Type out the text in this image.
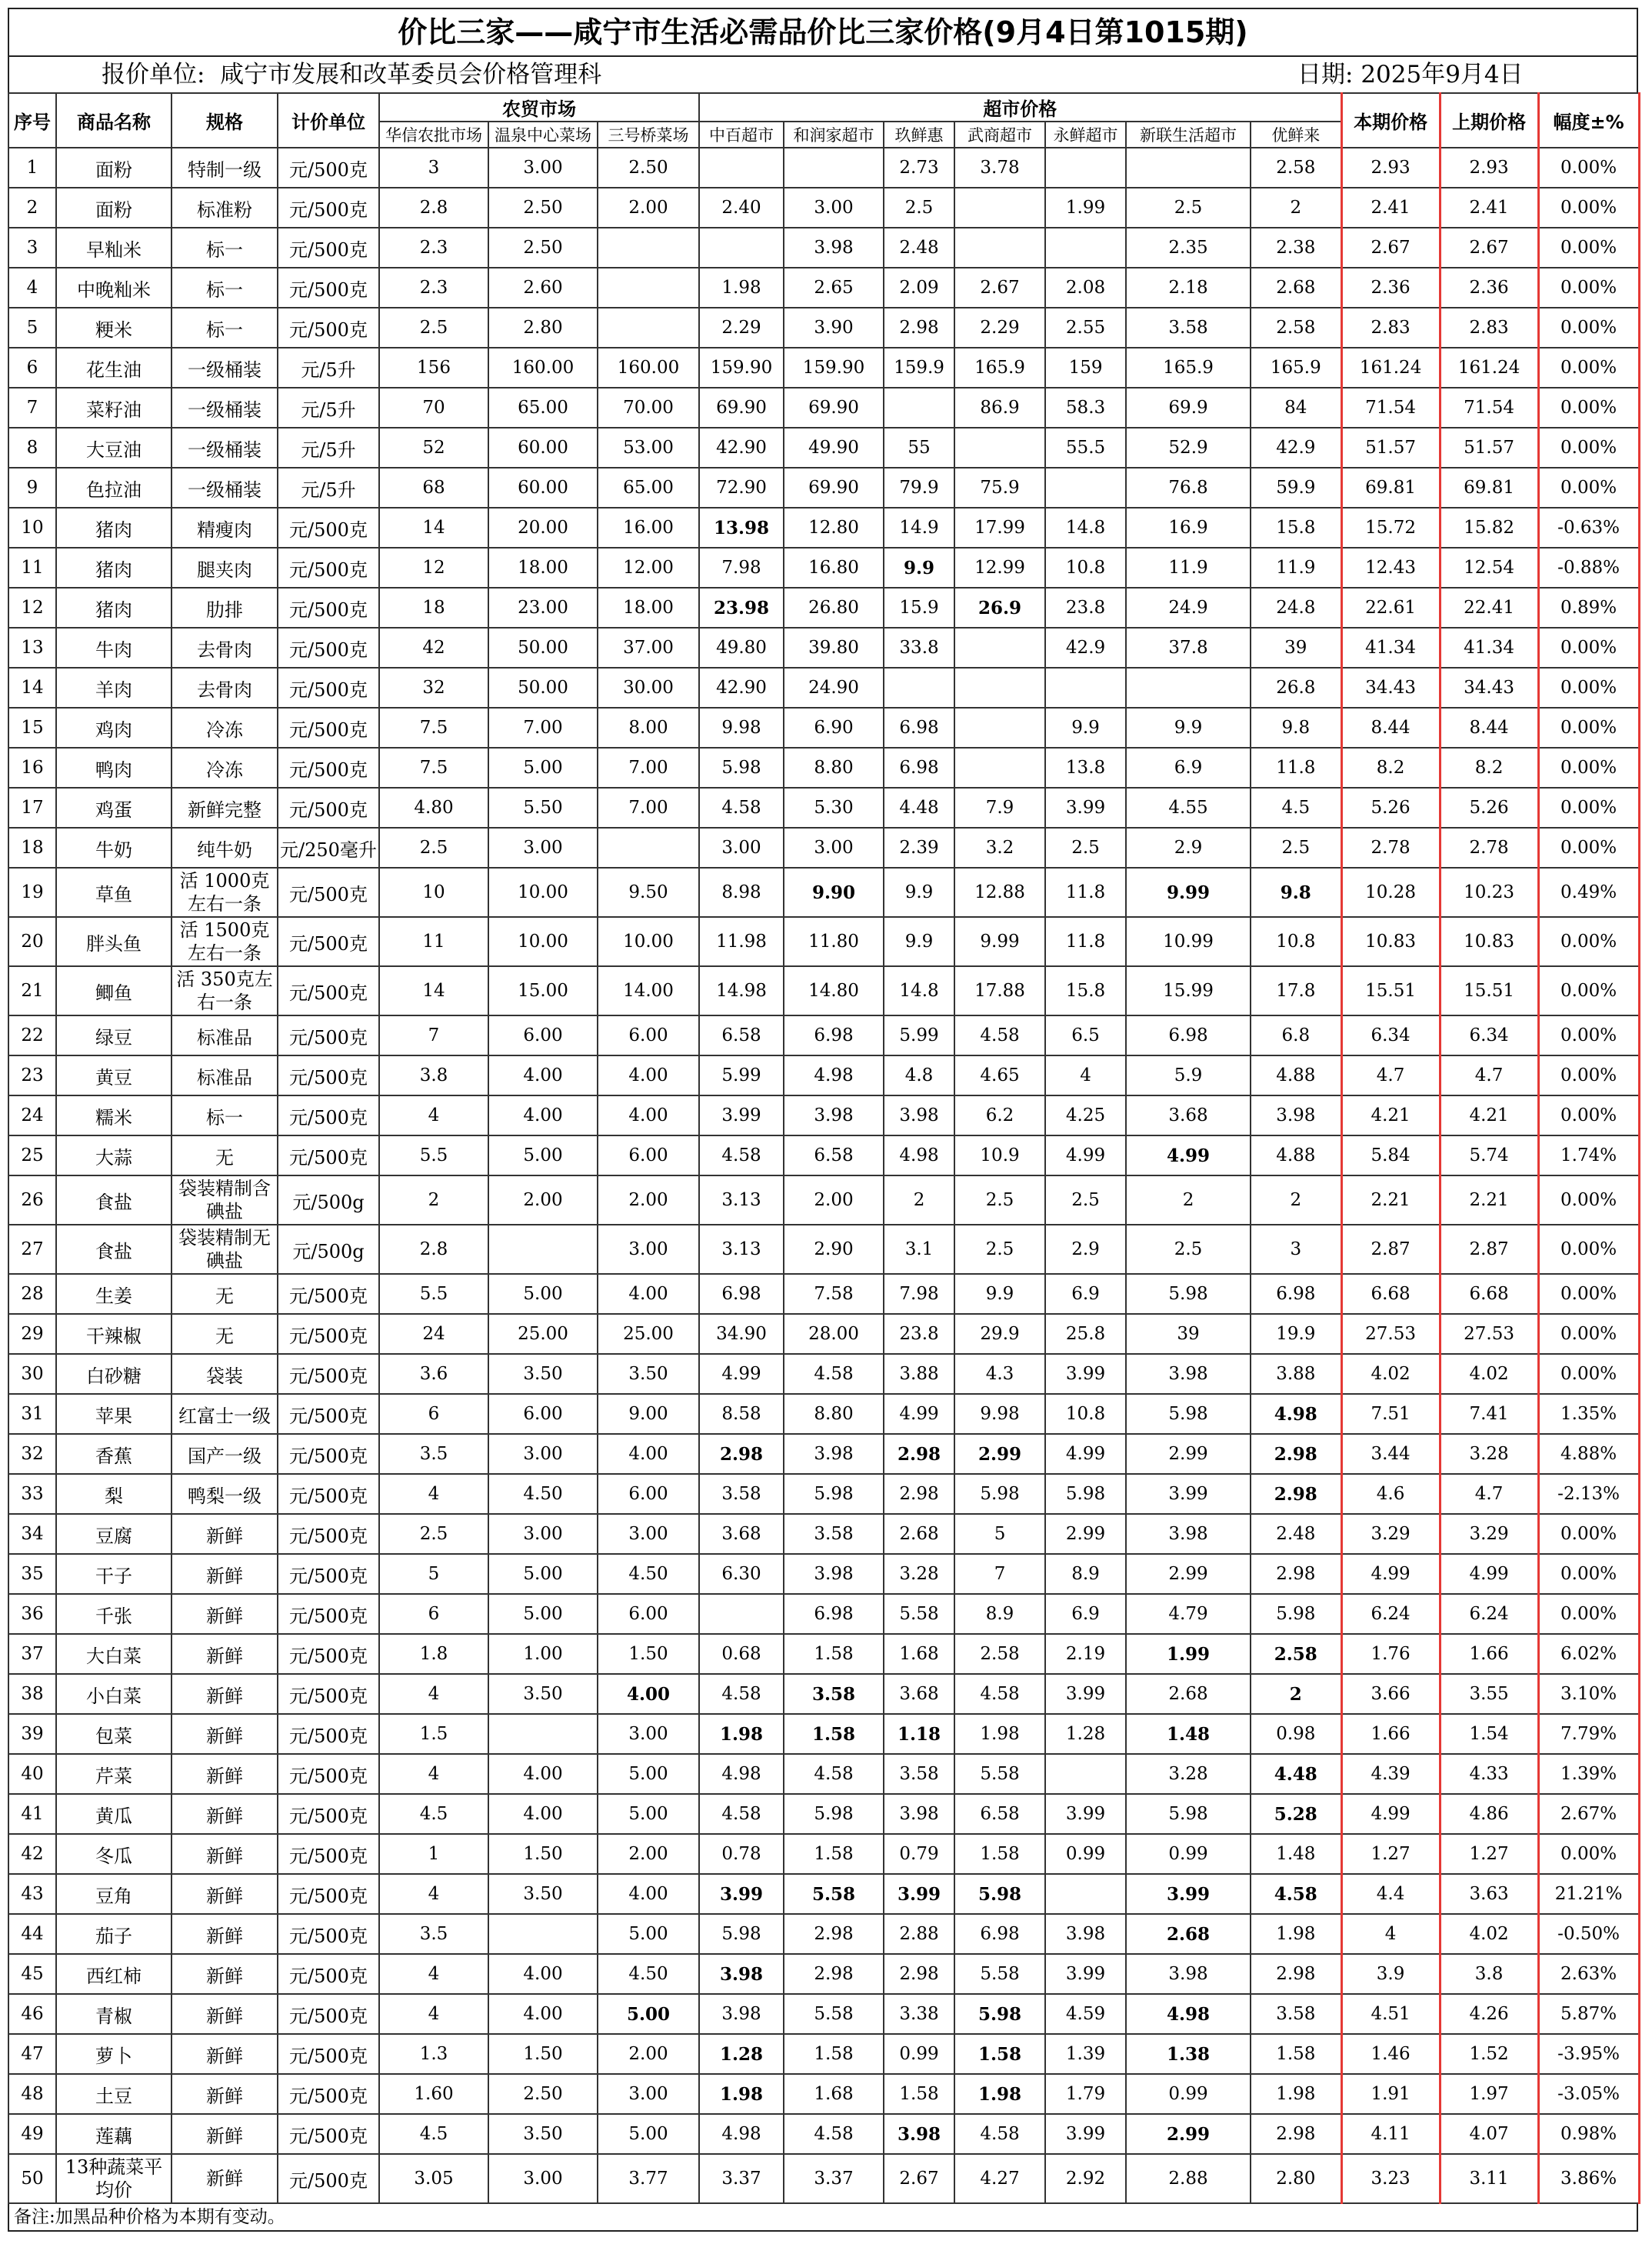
价比三家——咸宁市生活必需品价比三家价格(9月4日第1015期)
报价单位: 咸宁市发展和改革委员会价格管理科	日期: 2025年9月4日
序号	商品名称	规格	计价单位	农贸市场			超市价格							本期价格	上期价格	幅度±%
				华信农批市场	温泉中心菜场	三号桥菜场	中百超市	和润家超市	玖鲜惠	武商超市	永鲜超市	新联生活超市	优鲜来			
1	面粉	特制一级	元/500克	3	3.00	2.50			2.73	3.78			2.58	2.93	2.93	0.00%
2	面粉	标准粉	元/500克	2.8	2.50	2.00	2.40	3.00	2.5		1.99	2.5	2	2.41	2.41	0.00%
3	早籼米	标一	元/500克	2.3	2.50			3.98	2.48			2.35	2.38	2.67	2.67	0.00%
4	中晚籼米	标一	元/500克	2.3	2.60		1.98	2.65	2.09	2.67	2.08	2.18	2.68	2.36	2.36	0.00%
5	粳米	标一	元/500克	2.5	2.80		2.29	3.90	2.98	2.29	2.55	3.58	2.58	2.83	2.83	0.00%
6	花生油	一级桶装	元/5升	156	160.00	160.00	159.90	159.90	159.9	165.9	159	165.9	165.9	161.24	161.24	0.00%
7	菜籽油	一级桶装	元/5升	70	65.00	70.00	69.90	69.90		86.9	58.3	69.9	84	71.54	71.54	0.00%
8	大豆油	一级桶装	元/5升	52	60.00	53.00	42.90	49.90	55		55.5	52.9	42.9	51.57	51.57	0.00%
9	色拉油	一级桶装	元/5升	68	60.00	65.00	72.90	69.90	79.9	75.9		76.8	59.9	69.81	69.81	0.00%
10	猪肉	精瘦肉	元/500克	14	20.00	16.00	13.98	12.80	14.9	17.99	14.8	16.9	15.8	15.72	15.82	-0.63%
11	猪肉	腿夹肉	元/500克	12	18.00	12.00	7.98	16.80	9.9	12.99	10.8	11.9	11.9	12.43	12.54	-0.88%
12	猪肉	肋排	元/500克	18	23.00	18.00	23.98	26.80	15.9	26.9	23.8	24.9	24.8	22.61	22.41	0.89%
13	牛肉	去骨肉	元/500克	42	50.00	37.00	49.80	39.80	33.8		42.9	37.8	39	41.34	41.34	0.00%
14	羊肉	去骨肉	元/500克	32	50.00	30.00	42.90	24.90					26.8	34.43	34.43	0.00%
15	鸡肉	冷冻	元/500克	7.5	7.00	8.00	9.98	6.90	6.98		9.9	9.9	9.8	8.44	8.44	0.00%
16	鸭肉	冷冻	元/500克	7.5	5.00	7.00	5.98	8.80	6.98		13.8	6.9	11.8	8.2	8.2	0.00%
17	鸡蛋	新鲜完整	元/500克	4.80	5.50	7.00	4.58	5.30	4.48	7.9	3.99	4.55	4.5	5.26	5.26	0.00%
18	牛奶	纯牛奶	元/250毫升	2.5	3.00		3.00	3.00	2.39	3.2	2.5	2.9	2.5	2.78	2.78	0.00%
19	草鱼	活 1000克左右一条	元/500克	10	10.00	9.50	8.98	9.90	9.9	12.88	11.8	9.99	9.8	10.28	10.23	0.49%
20	胖头鱼	活 1500克左右一条	元/500克	11	10.00	10.00	11.98	11.80	9.9	9.99	11.8	10.99	10.8	10.83	10.83	0.00%
21	鲫鱼	活 350克左右一条	元/500克	14	15.00	14.00	14.98	14.80	14.8	17.88	15.8	15.99	17.8	15.51	15.51	0.00%
22	绿豆	标准品	元/500克	7	6.00	6.00	6.58	6.98	5.99	4.58	6.5	6.98	6.8	6.34	6.34	0.00%
23	黄豆	标准品	元/500克	3.8	4.00	4.00	5.99	4.98	4.8	4.65	4	5.9	4.88	4.7	4.7	0.00%
24	糯米	标一	元/500克	4	4.00	4.00	3.99	3.98	3.98	6.2	4.25	3.68	3.98	4.21	4.21	0.00%
25	大蒜	无	元/500克	5.5	5.00	6.00	4.58	6.58	4.98	10.9	4.99	4.99	4.88	5.84	5.74	1.74%
26	食盐	袋装精制含碘盐	元/500g	2	2.00	2.00	3.13	2.00	2	2.5	2.5	2	2	2.21	2.21	0.00%
27	食盐	袋装精制无碘盐	元/500g	2.8		3.00	3.13	2.90	3.1	2.5	2.9	2.5	3	2.87	2.87	0.00%
28	生姜	无	元/500克	5.5	5.00	4.00	6.98	7.58	7.98	9.9	6.9	5.98	6.98	6.68	6.68	0.00%
29	干辣椒	无	元/500克	24	25.00	25.00	34.90	28.00	23.8	29.9	25.8	39	19.9	27.53	27.53	0.00%
30	白砂糖	袋装	元/500克	3.6	3.50	3.50	4.99	4.58	3.88	4.3	3.99	3.98	3.88	4.02	4.02	0.00%
31	苹果	红富士一级	元/500克	6	6.00	9.00	8.58	8.80	4.99	9.98	10.8	5.98	4.98	7.51	7.41	1.35%
32	香蕉	国产一级	元/500克	3.5	3.00	4.00	2.98	3.98	2.98	2.99	4.99	2.99	2.98	3.44	3.28	4.88%
33	梨	鸭梨一级	元/500克	4	4.50	6.00	3.58	5.98	2.98	5.98	5.98	3.99	2.98	4.6	4.7	-2.13%
34	豆腐	新鲜	元/500克	2.5	3.00	3.00	3.68	3.58	2.68	5	2.99	3.98	2.48	3.29	3.29	0.00%
35	干子	新鲜	元/500克	5	5.00	4.50	6.30	3.98	3.28	7	8.9	2.99	2.98	4.99	4.99	0.00%
36	千张	新鲜	元/500克	6	5.00	6.00		6.98	5.58	8.9	6.9	4.79	5.98	6.24	6.24	0.00%
37	大白菜	新鲜	元/500克	1.8	1.00	1.50	0.68	1.58	1.68	2.58	2.19	1.99	2.58	1.76	1.66	6.02%
38	小白菜	新鲜	元/500克	4	3.50	4.00	4.58	3.58	3.68	4.58	3.99	2.68	2	3.66	3.55	3.10%
39	包菜	新鲜	元/500克	1.5		3.00	1.98	1.58	1.18	1.98	1.28	1.48	0.98	1.66	1.54	7.79%
40	芹菜	新鲜	元/500克	4	4.00	5.00	4.98	4.58	3.58	5.58		3.28	4.48	4.39	4.33	1.39%
41	黄瓜	新鲜	元/500克	4.5	4.00	5.00	4.58	5.98	3.98	6.58	3.99	5.98	5.28	4.99	4.86	2.67%
42	冬瓜	新鲜	元/500克	1	1.50	2.00	0.78	1.58	0.79	1.58	0.99	0.99	1.48	1.27	1.27	0.00%
43	豆角	新鲜	元/500克	4	3.50	4.00	3.99	5.58	3.99	5.98		3.99	4.58	4.4	3.63	21.21%
44	茄子	新鲜	元/500克	3.5		5.00	5.98	2.98	2.88	6.98	3.98	2.68	1.98	4	4.02	-0.50%
45	西红柿	新鲜	元/500克	4	4.00	4.50	3.98	2.98	2.98	5.58	3.99	3.98	2.98	3.9	3.8	2.63%
46	青椒	新鲜	元/500克	4	4.00	5.00	3.98	5.58	3.38	5.98	4.59	4.98	3.58	4.51	4.26	5.87%
47	萝卜	新鲜	元/500克	1.3	1.50	2.00	1.28	1.58	0.99	1.58	1.39	1.38	1.58	1.46	1.52	-3.95%
48	土豆	新鲜	元/500克	1.60	2.50	3.00	1.98	1.68	1.58	1.98	1.79	0.99	1.98	1.91	1.97	-3.05%
49	莲藕	新鲜	元/500克	4.5	3.50	5.00	4.98	4.58	3.98	4.58	3.99	2.99	2.98	4.11	4.07	0.98%
50	13种蔬菜平均价	新鲜	元/500克	3.05	3.00	3.77	3.37	3.37	2.67	4.27	2.92	2.88	2.80	3.23	3.11	3.86%
备注:加黑品种价格为本期有变动。
